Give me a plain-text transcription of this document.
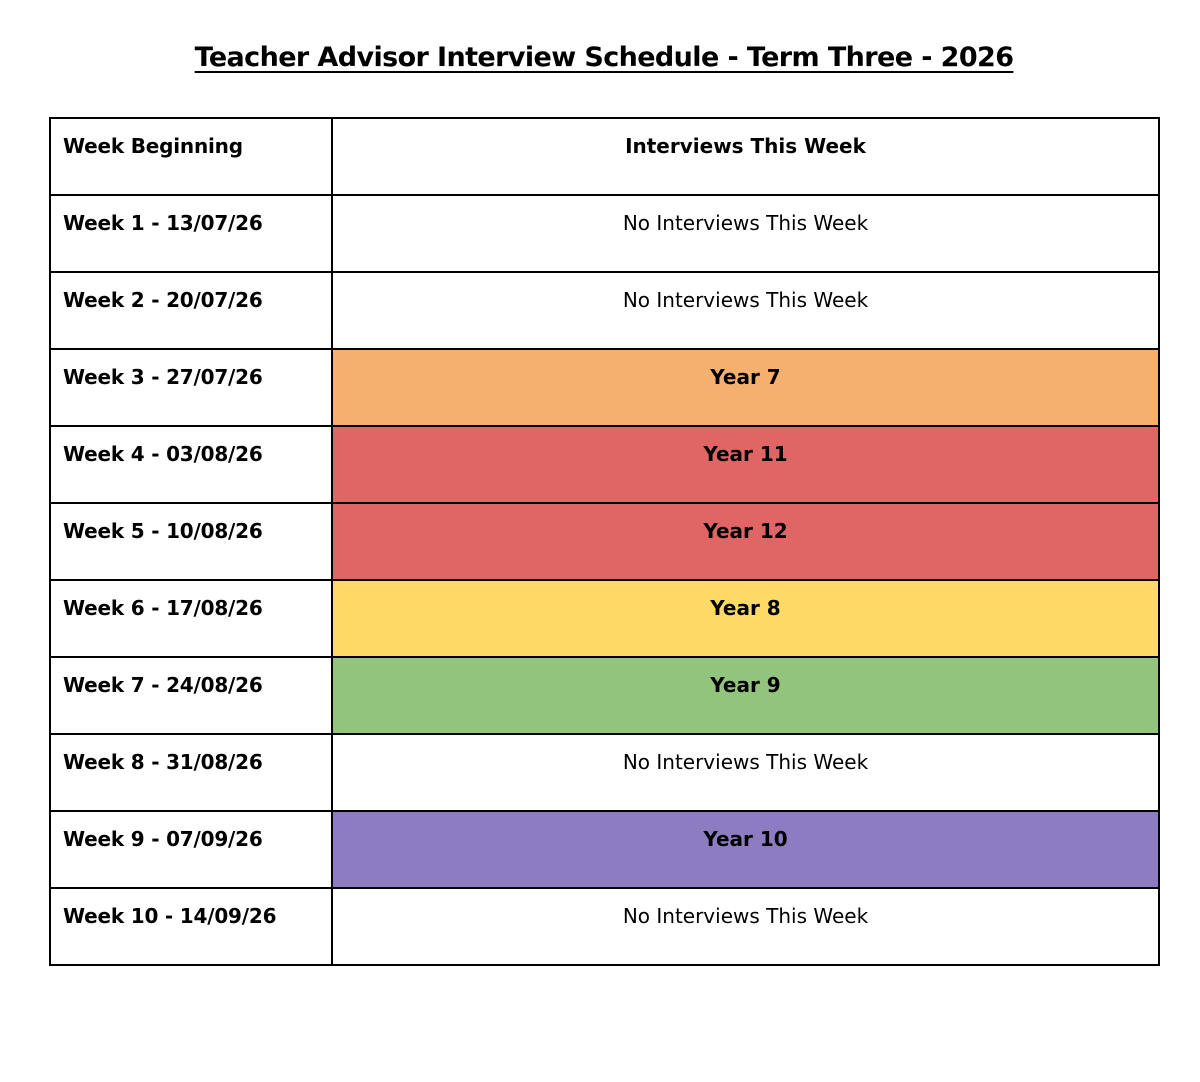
Teacher Advisor Interview Schedule - Term Three - 2026
Week Beginning	Interviews This Week
Week 1 - 13/07/26	No Interviews This Week
Week 2 - 20/07/26	No Interviews This Week
Week 3 - 27/07/26	Year 7
Week 4 - 03/08/26	Year 11
Week 5 - 10/08/26	Year 12
Week 6 - 17/08/26	Year 8
Week 7 - 24/08/26	Year 9
Week 8 - 31/08/26	No Interviews This Week
Week 9 - 07/09/26	Year 10
Week 10 - 14/09/26	No Interviews This Week
